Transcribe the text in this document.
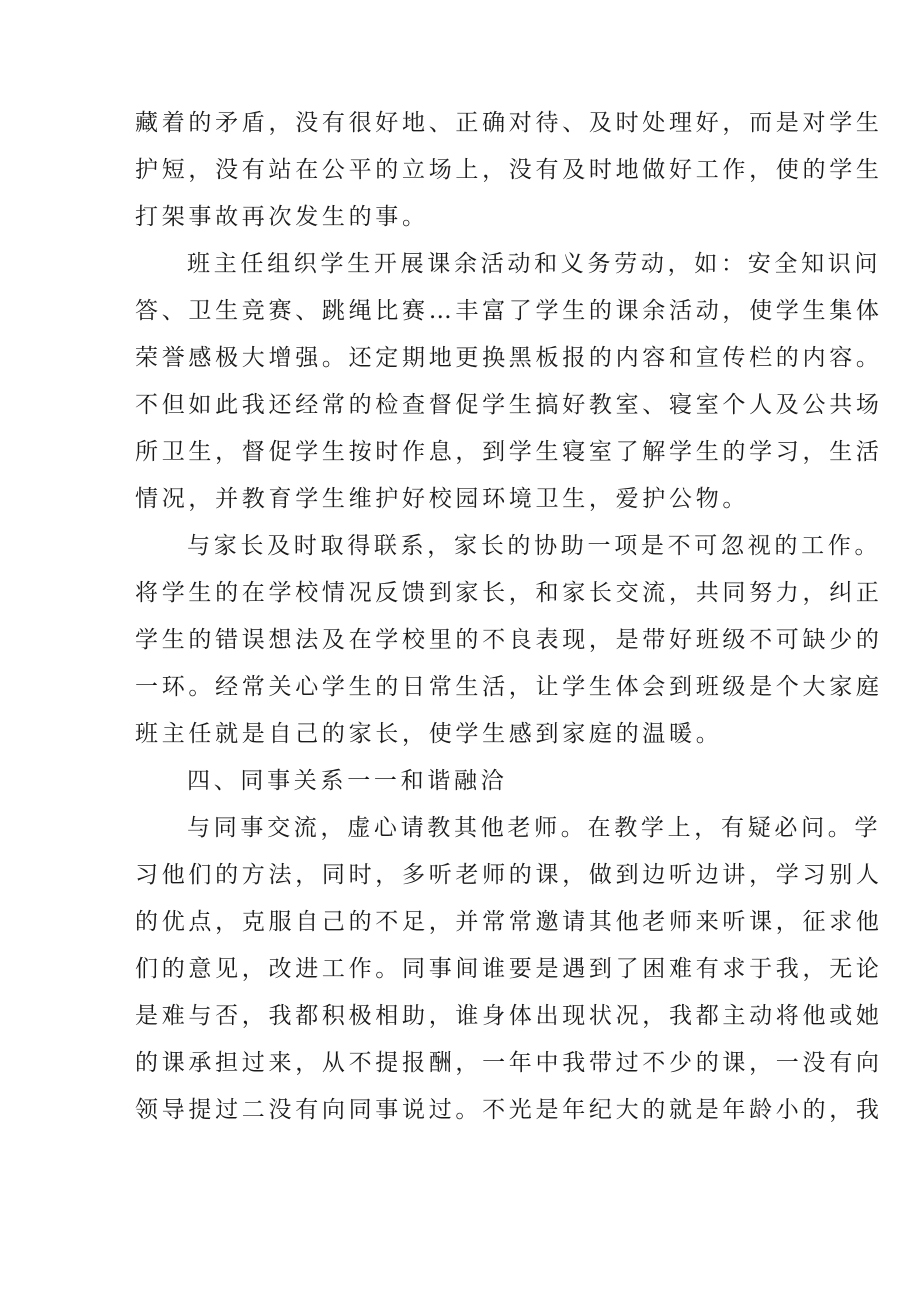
藏着的矛盾，没有很好地、正确对待、及时处理好，而是对学生
护短，没有站在公平的立场上，没有及时地做好工作，使的学生
打架事故再次发生的事。
班主任组织学生开展课余活动和义务劳动，如：安全知识问
答、卫生竞赛、跳绳比赛…丰富了学生的课余活动，使学生集体
荣誉感极大增强。还定期地更换黑板报的内容和宣传栏的内容。
不但如此我还经常的检查督促学生搞好教室、寝室个人及公共场
所卫生，督促学生按时作息，到学生寝室了解学生的学习，生活
情况，并教育学生维护好校园环境卫生，爱护公物。
与家长及时取得联系，家长的协助一项是不可忽视的工作。
将学生的在学校情况反馈到家长，和家长交流，共同努力，纠正
学生的错误想法及在学校里的不良表现，是带好班级不可缺少的
一环。经常关心学生的日常生活，让学生体会到班级是个大家庭
班主任就是自己的家长，使学生感到家庭的温暖。
四、同事关系一一和谐融洽
与同事交流，虚心请教其他老师。在教学上，有疑必问。学
习他们的方法，同时，多听老师的课，做到边听边讲，学习别人
的优点，克服自己的不足，并常常邀请其他老师来听课，征求他
们的意见，改进工作。同事间谁要是遇到了困难有求于我，无论
是难与否，我都积极相助，谁身体出现状况，我都主动将他或她
的课承担过来，从不提报酬，一年中我带过不少的课，一没有向
领导提过二没有向同事说过。不光是年纪大的就是年龄小的，我
